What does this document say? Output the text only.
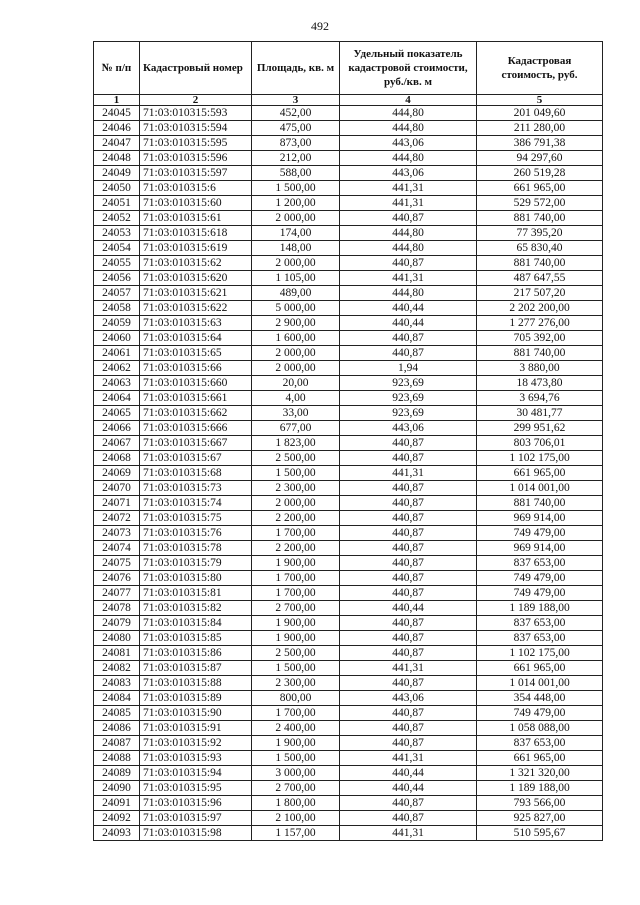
492
№ п/п	Кадастровый номер	Площадь, кв. м	Удельный показатель кадастровой стоимости, руб./кв. м	Кадастровая стоимость, руб.
1	2	3	4	5
24045	71:03:010315:593	452,00	444,80	201 049,60
24046	71:03:010315:594	475,00	444,80	211 280,00
24047	71:03:010315:595	873,00	443,06	386 791,38
24048	71:03:010315:596	212,00	444,80	94 297,60
24049	71:03:010315:597	588,00	443,06	260 519,28
24050	71:03:010315:6	1 500,00	441,31	661 965,00
24051	71:03:010315:60	1 200,00	441,31	529 572,00
24052	71:03:010315:61	2 000,00	440,87	881 740,00
24053	71:03:010315:618	174,00	444,80	77 395,20
24054	71:03:010315:619	148,00	444,80	65 830,40
24055	71:03:010315:62	2 000,00	440,87	881 740,00
24056	71:03:010315:620	1 105,00	441,31	487 647,55
24057	71:03:010315:621	489,00	444,80	217 507,20
24058	71:03:010315:622	5 000,00	440,44	2 202 200,00
24059	71:03:010315:63	2 900,00	440,44	1 277 276,00
24060	71:03:010315:64	1 600,00	440,87	705 392,00
24061	71:03:010315:65	2 000,00	440,87	881 740,00
24062	71:03:010315:66	2 000,00	1,94	3 880,00
24063	71:03:010315:660	20,00	923,69	18 473,80
24064	71:03:010315:661	4,00	923,69	3 694,76
24065	71:03:010315:662	33,00	923,69	30 481,77
24066	71:03:010315:666	677,00	443,06	299 951,62
24067	71:03:010315:667	1 823,00	440,87	803 706,01
24068	71:03:010315:67	2 500,00	440,87	1 102 175,00
24069	71:03:010315:68	1 500,00	441,31	661 965,00
24070	71:03:010315:73	2 300,00	440,87	1 014 001,00
24071	71:03:010315:74	2 000,00	440,87	881 740,00
24072	71:03:010315:75	2 200,00	440,87	969 914,00
24073	71:03:010315:76	1 700,00	440,87	749 479,00
24074	71:03:010315:78	2 200,00	440,87	969 914,00
24075	71:03:010315:79	1 900,00	440,87	837 653,00
24076	71:03:010315:80	1 700,00	440,87	749 479,00
24077	71:03:010315:81	1 700,00	440,87	749 479,00
24078	71:03:010315:82	2 700,00	440,44	1 189 188,00
24079	71:03:010315:84	1 900,00	440,87	837 653,00
24080	71:03:010315:85	1 900,00	440,87	837 653,00
24081	71:03:010315:86	2 500,00	440,87	1 102 175,00
24082	71:03:010315:87	1 500,00	441,31	661 965,00
24083	71:03:010315:88	2 300,00	440,87	1 014 001,00
24084	71:03:010315:89	800,00	443,06	354 448,00
24085	71:03:010315:90	1 700,00	440,87	749 479,00
24086	71:03:010315:91	2 400,00	440,87	1 058 088,00
24087	71:03:010315:92	1 900,00	440,87	837 653,00
24088	71:03:010315:93	1 500,00	441,31	661 965,00
24089	71:03:010315:94	3 000,00	440,44	1 321 320,00
24090	71:03:010315:95	2 700,00	440,44	1 189 188,00
24091	71:03:010315:96	1 800,00	440,87	793 566,00
24092	71:03:010315:97	2 100,00	440,87	925 827,00
24093	71:03:010315:98	1 157,00	441,31	510 595,67
